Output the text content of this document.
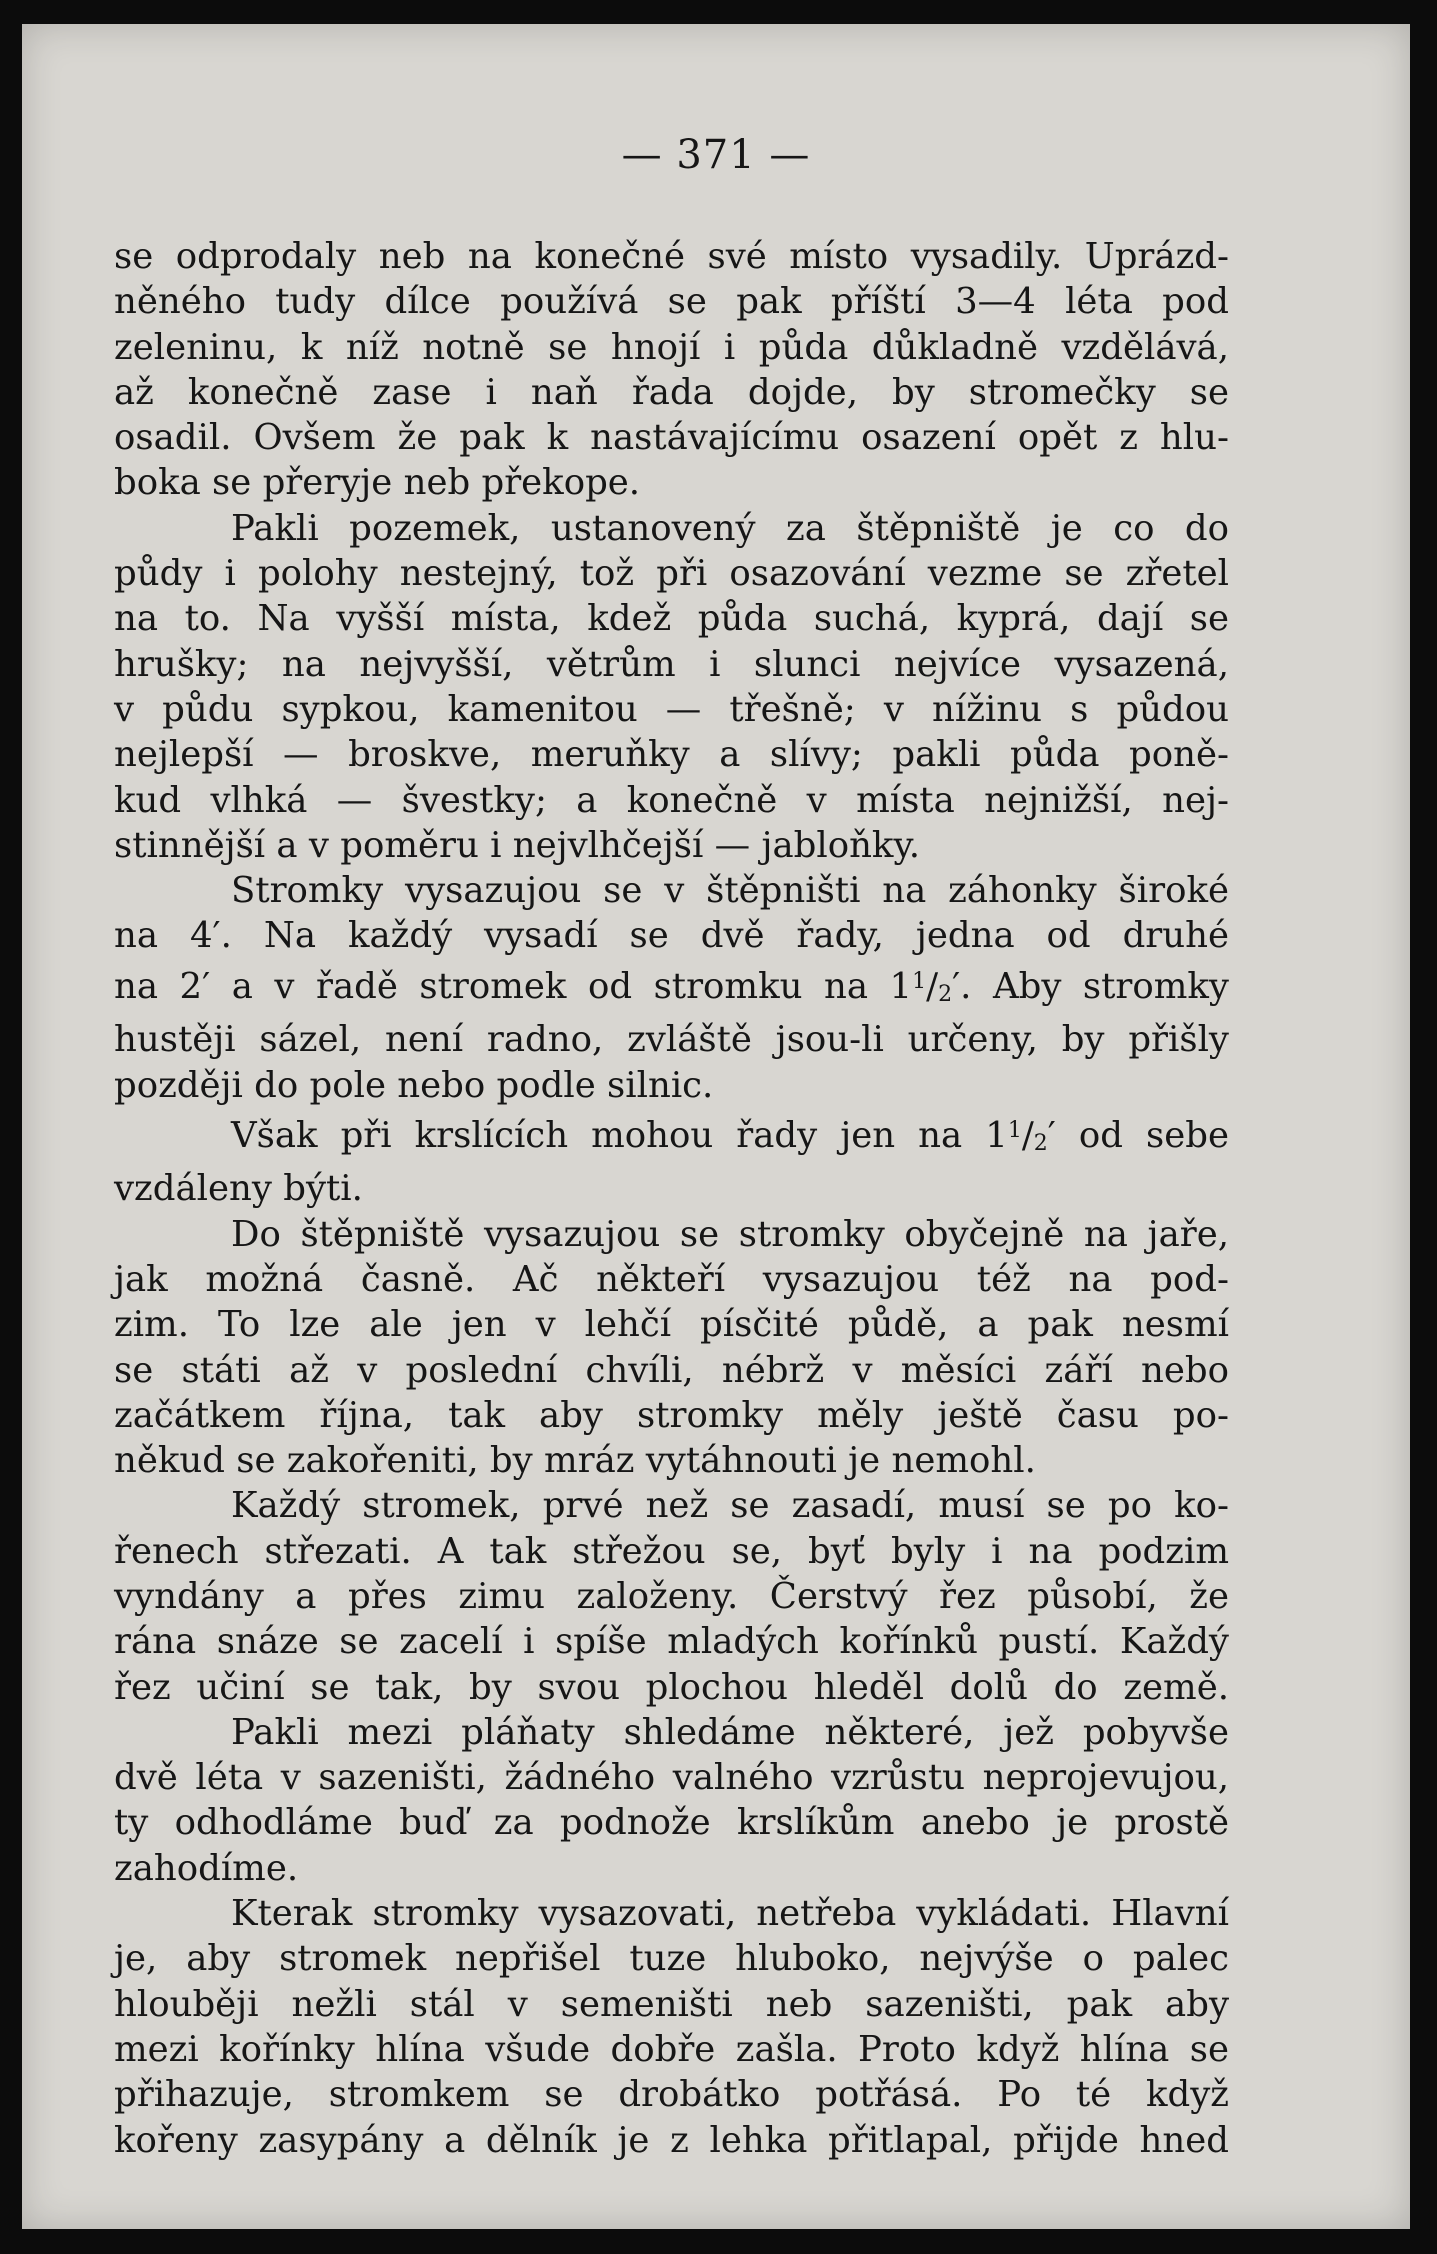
— 371 —
se odprodaly neb na konečné své místo vysadily. Uprázd-
něného tudy dílce používá se pak příští 3—4 léta pod
zeleninu, k níž notně se hnojí i půda důkladně vzdělává,
až konečně zase i naň řada dojde, by stromečky se
osadil. Ovšem že pak k nastávajícímu osazení opět z hlu-
boka se přeryje neb překope.
Pakli pozemek, ustanovený za štěpniště je co do
půdy i polohy nestejný, tož při osazování vezme se zřetel
na to. Na vyšší místa, kdež půda suchá, kyprá, dají se
hrušky; na nejvyšší, větrům i slunci nejvíce vysazená,
v půdu sypkou, kamenitou — třešně; v nížinu s půdou
nejlepší — broskve, meruňky a slívy; pakli půda poně-
kud vlhká — švestky; a konečně v místa nejnižší, nej-
stinnější a v poměru i nejvlhčejší — jabloňky.
Stromky vysazujou se v štěpništi na záhonky široké
na 4′. Na každý vysadí se dvě řady, jedna od druhé
na 2′ a v řadě stromek od stromku na $1^1/2'$. Aby stromky
hustěji sázel, není radno, zvláště jsou-li určeny, by přišly
později do pole nebo podle silnic.
Však při krslících mohou řady jen na $1^1/2'$ od sebe
vzdáleny býti.
Do štěpniště vysazujou se stromky obyčejně na jaře,
jak možná časně. Ač někteří vysazujou též na pod-
zim. To lze ale jen v lehčí písčité půdě, a pak nesmí
se státi až v poslední chvíli, nébrž v měsíci září nebo
začátkem října, tak aby stromky měly ještě času po-
někud se zakořeniti, by mráz vytáhnouti je nemohl.
Každý stromek, prvé než se zasadí, musí se po ko-
řenech střezati. A tak střežou se, byť byly i na podzim
vyndány a přes zimu založeny. Čerstvý řez působí, že
rána snáze se zacelí i spíše mladých kořínků pustí. Každý
řez učiní se tak, by svou plochou hleděl dolů do země.
Pakli mezi pláňaty shledáme některé, jež pobyvše
dvě léta v sazeništi, žádného valného vzrůstu neprojevujou,
ty odhodláme buď za podnože krslíkům anebo je prostě
zahodíme.
Kterak stromky vysazovati, netřeba vykládati. Hlavní
je, aby stromek nepřišel tuze hluboko, nejvýše o palec
hlouběji nežli stál v semeništi neb sazeništi, pak aby
mezi kořínky hlína všude dobře zašla. Proto když hlína se
přihazuje, stromkem se drobátko potřásá. Po té když
kořeny zasypány a dělník je z lehka přitlapal, přijde hned
